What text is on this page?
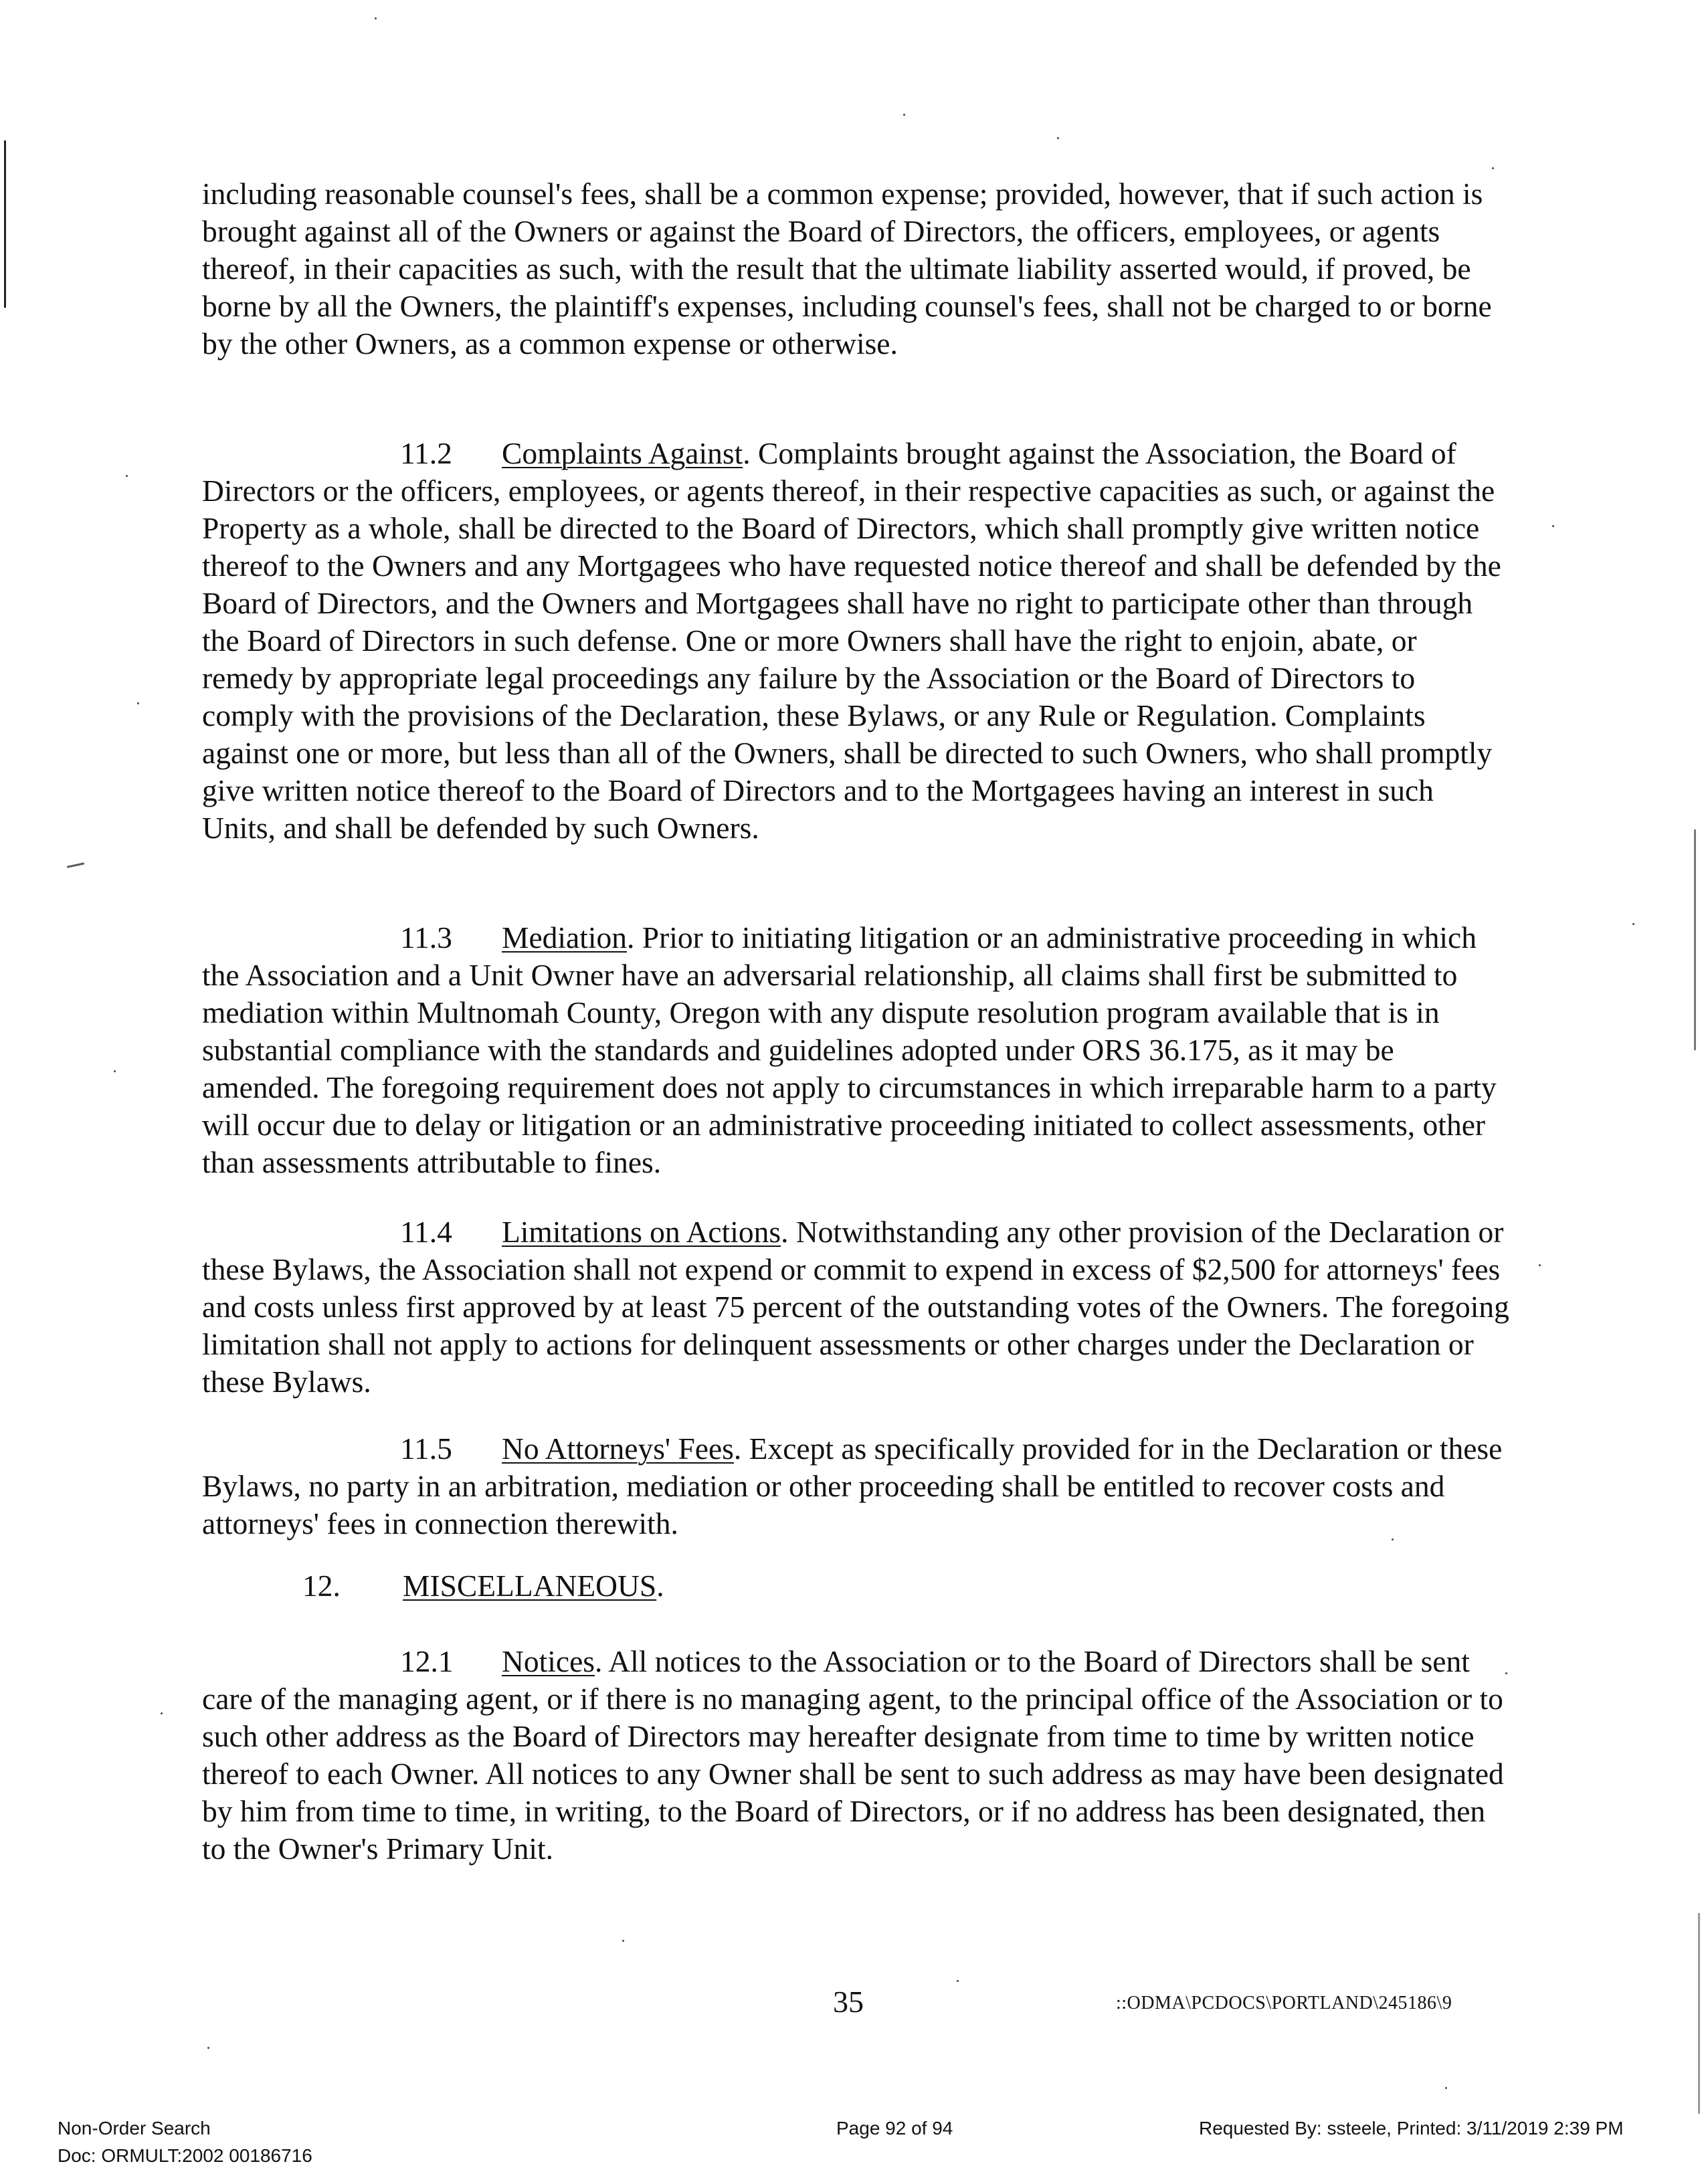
including reasonable counsel's fees, shall be a common expense; provided, however, that if such action is brought against all of the Owners or against the Board of Directors, the officers, employees, or agents thereof, in their capacities as such, with the result that the ultimate liability asserted would, if proved, be borne by all the Owners, the plaintiff's expenses, including counsel's fees, shall not be charged to or borne by the other Owners, as a common expense or otherwise.

11.2 Complaints Against. Complaints brought against the Association, the Board of Directors or the officers, employees, or agents thereof, in their respective capacities as such, or against the Property as a whole, shall be directed to the Board of Directors, which shall promptly give written notice thereof to the Owners and any Mortgagees who have requested notice thereof and shall be defended by the Board of Directors, and the Owners and Mortgagees shall have no right to participate other than through the Board of Directors in such defense. One or more Owners shall have the right to enjoin, abate, or remedy by appropriate legal proceedings any failure by the Association or the Board of Directors to comply with the provisions of the Declaration, these Bylaws, or any Rule or Regulation. Complaints against one or more, but less than all of the Owners, shall be directed to such Owners, who shall promptly give written notice thereof to the Board of Directors and to the Mortgagees having an interest in such Units, and shall be defended by such Owners.

11.3 Mediation. Prior to initiating litigation or an administrative proceeding in which the Association and a Unit Owner have an adversarial relationship, all claims shall first be submitted to mediation within Multnomah County, Oregon with any dispute resolution program available that is in substantial compliance with the standards and guidelines adopted under ORS 36.175, as it may be amended. The foregoing requirement does not apply to circumstances in which irreparable harm to a party will occur due to delay or litigation or an administrative proceeding initiated to collect assessments, other than assessments attributable to fines.

11.4 Limitations on Actions. Notwithstanding any other provision of the Declaration or these Bylaws, the Association shall not expend or commit to expend in excess of $2,500 for attorneys' fees and costs unless first approved by at least 75 percent of the outstanding votes of the Owners. The foregoing limitation shall not apply to actions for delinquent assessments or other charges under the Declaration or these Bylaws.

11.5 No Attorneys' Fees. Except as specifically provided for in the Declaration or these Bylaws, no party in an arbitration, mediation or other proceeding shall be entitled to recover costs and attorneys' fees in connection therewith.

12. MISCELLANEOUS.

12.1 Notices. All notices to the Association or to the Board of Directors shall be sent care of the managing agent, or if there is no managing agent, to the principal office of the Association or to such other address as the Board of Directors may hereafter designate from time to time by written notice thereof to each Owner. All notices to any Owner shall be sent to such address as may have been designated by him from time to time, in writing, to the Board of Directors, or if no address has been designated, then to the Owner's Primary Unit.

35	::ODMA\PCDOCS\PORTLAND\245186\9
Non-Order Search
Doc: ORMULT:2002 00186716
Page 92 of 94	Requested By: ssteele, Printed: 3/11/2019 2:39 PM
